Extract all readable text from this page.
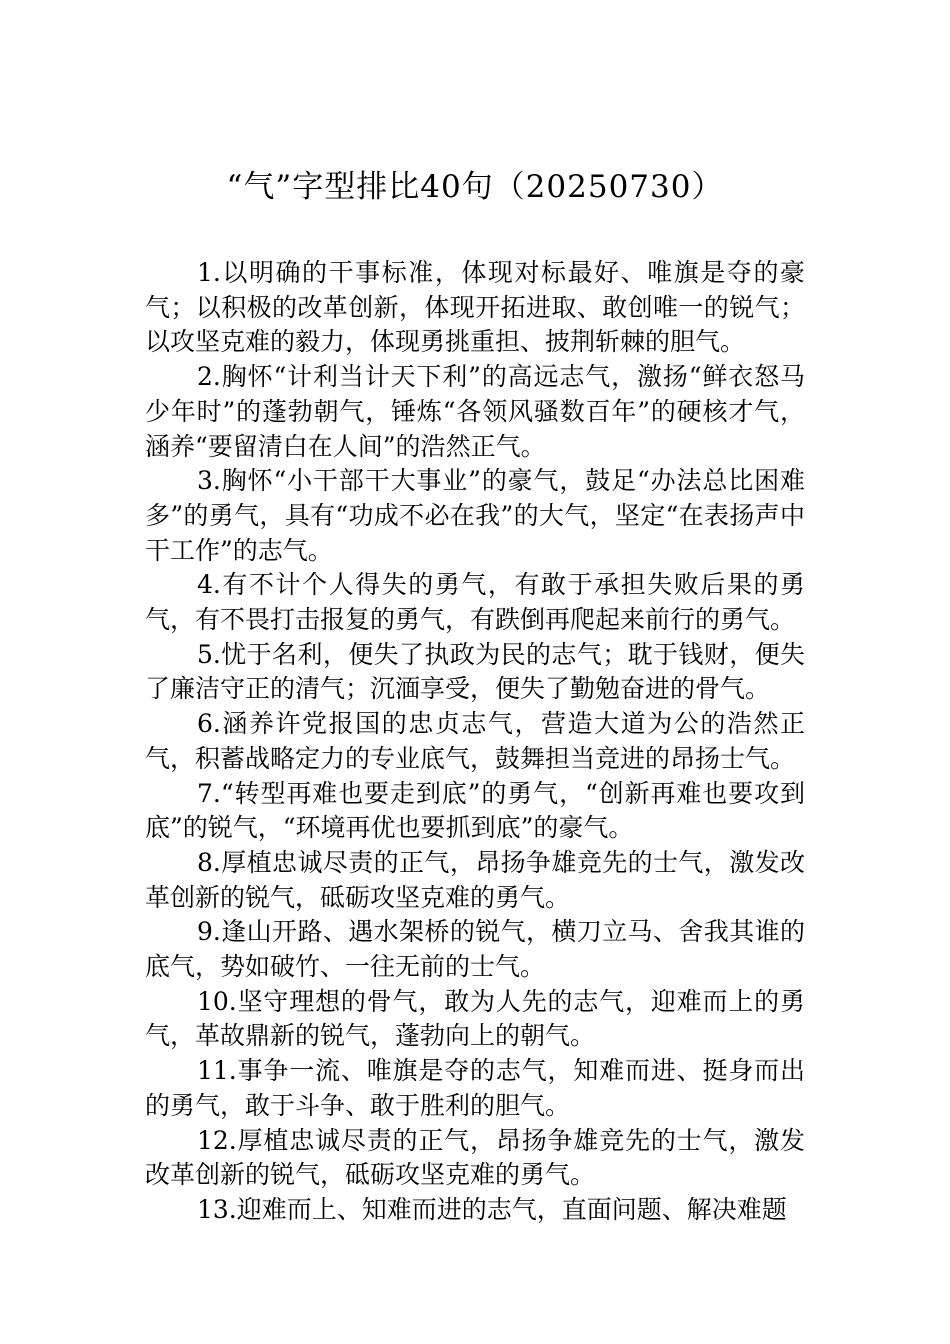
“气”字型排比40句（20250730）

1.以明确的干事标准，体现对标最好、唯旗是夺的豪气；以积极的改革创新，体现开拓进取、敢创唯一的锐气；以攻坚克难的毅力，体现勇挑重担、披荆斩棘的胆气。

2.胸怀“计利当计天下利”的高远志气，激扬“鲜衣怒马少年时”的蓬勃朝气，锤炼“各领风骚数百年”的硬核才气，涵养“要留清白在人间”的浩然正气。

3.胸怀“小干部干大事业”的豪气，鼓足“办法总比困难多”的勇气，具有“功成不必在我”的大气，坚定“在表扬声中干工作”的志气。

4.有不计个人得失的勇气，有敢于承担失败后果的勇气，有不畏打击报复的勇气，有跌倒再爬起来前行的勇气。

5.忧于名利，便失了执政为民的志气；耽于钱财，便失了廉洁守正的清气；沉湎享受，便失了勤勉奋进的骨气。

6.涵养许党报国的忠贞志气，营造大道为公的浩然正气，积蓄战略定力的专业底气，鼓舞担当竞进的昂扬士气。

7.“转型再难也要走到底”的勇气，“创新再难也要攻到底”的锐气，“环境再优也要抓到底”的豪气。

8.厚植忠诚尽责的正气，昂扬争雄竞先的士气，激发改革创新的锐气，砥砺攻坚克难的勇气。

9.逢山开路、遇水架桥的锐气，横刀立马、舍我其谁的底气，势如破竹、一往无前的士气。

10.坚守理想的骨气，敢为人先的志气，迎难而上的勇气，革故鼎新的锐气，蓬勃向上的朝气。

11.事争一流、唯旗是夺的志气，知难而进、挺身而出的勇气，敢于斗争、敢于胜利的胆气。

12.厚植忠诚尽责的正气，昂扬争雄竞先的士气，激发改革创新的锐气，砥砺攻坚克难的勇气。

13.迎难而上、知难而进的志气，直面问题、解决难题
